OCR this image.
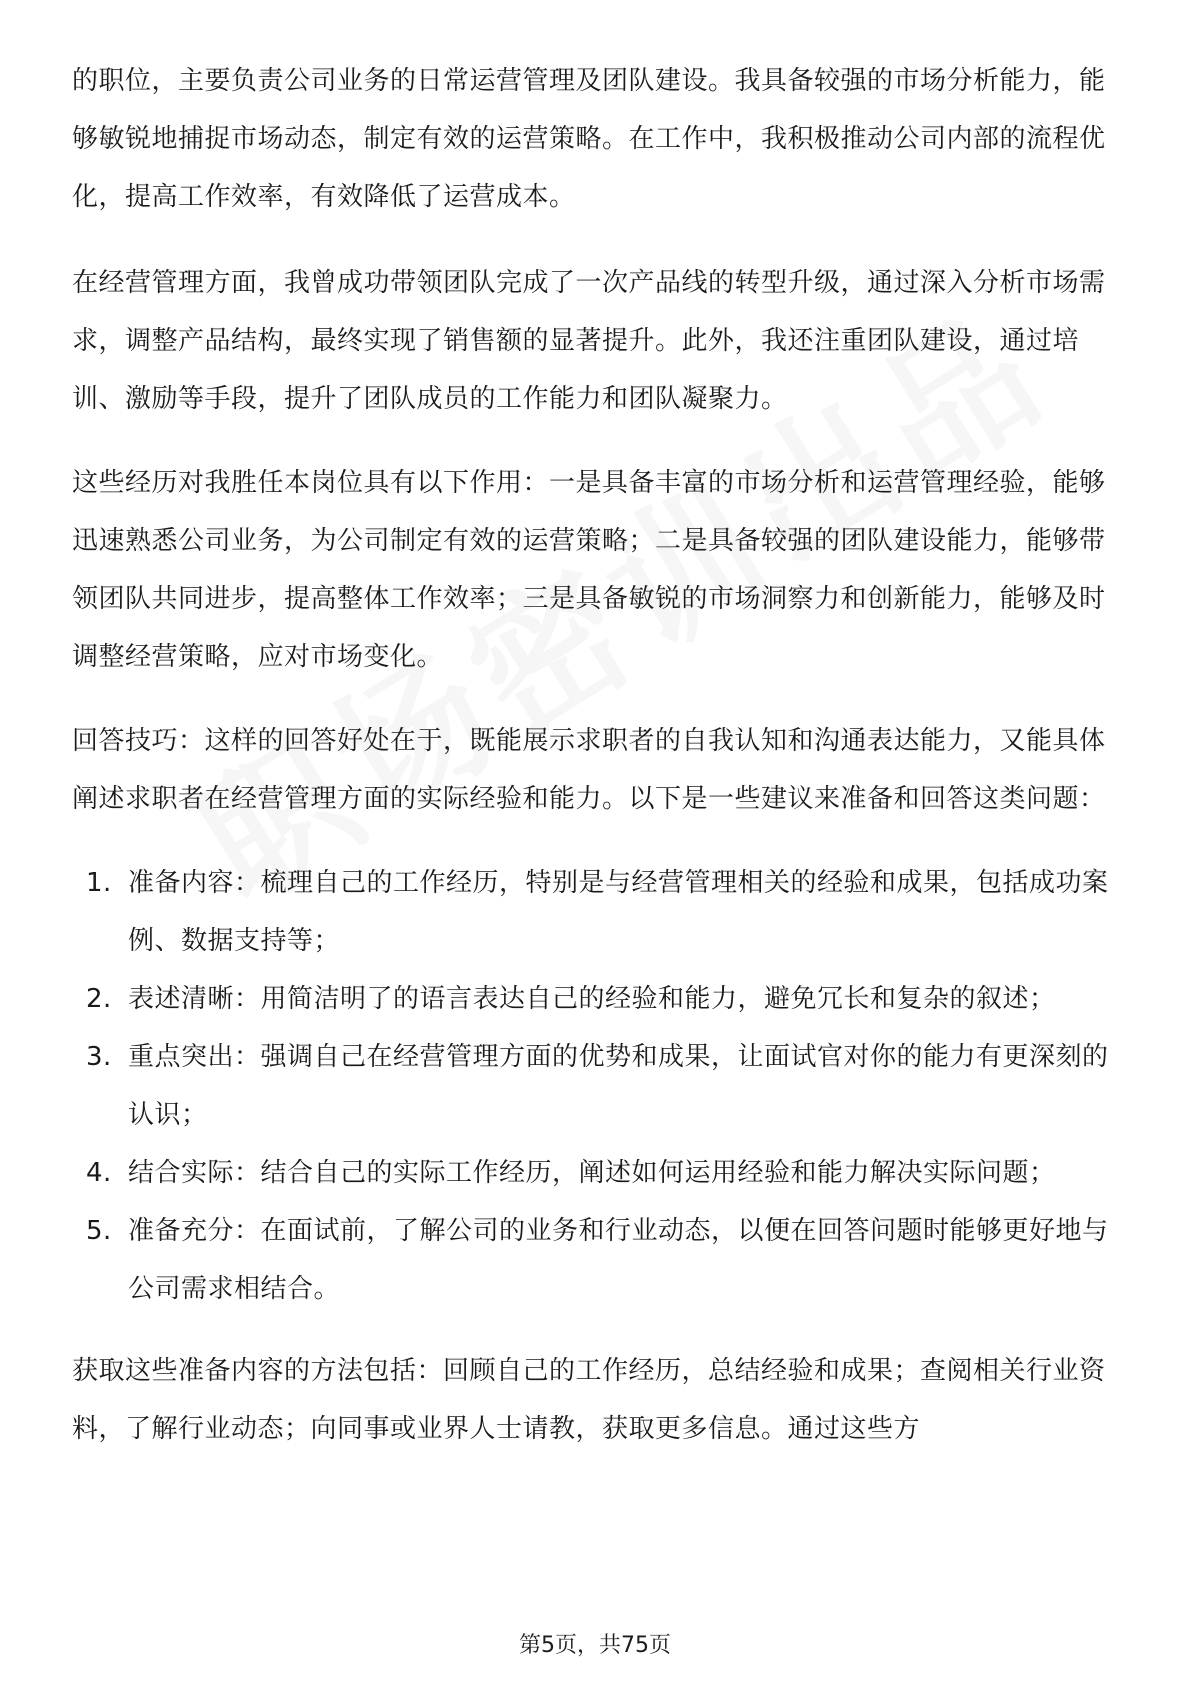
的职位，主要负责公司业务的日常运营管理及团队建设。我具备较强的市场分析能力，能够敏锐地捕捉市场动态，制定有效的运营策略。在工作中，我积极推动公司内部的流程优化，提高工作效率，有效降低了运营成本。

在经营管理方面，我曾成功带领团队完成了一次产品线的转型升级，通过深入分析市场需求，调整产品结构，最终实现了销售额的显著提升。此外，我还注重团队建设，通过培训、激励等手段，提升了团队成员的工作能力和团队凝聚力。

这些经历对我胜任本岗位具有以下作用：一是具备丰富的市场分析和运营管理经验，能够迅速熟悉公司业务，为公司制定有效的运营策略；二是具备较强的团队建设能力，能够带领团队共同进步，提高整体工作效率；三是具备敏锐的市场洞察力和创新能力，能够及时调整经营策略，应对市场变化。

回答技巧：这样的回答好处在于，既能展示求职者的自我认知和沟通表达能力，又能具体阐述求职者在经营管理方面的实际经验和能力。以下是一些建议来准备和回答这类问题：

1. 准备内容：梳理自己的工作经历，特别是与经营管理相关的经验和成果，包括成功案例、数据支持等；
2. 表述清晰：用简洁明了的语言表达自己的经验和能力，避免冗长和复杂的叙述；
3. 重点突出：强调自己在经营管理方面的优势和成果，让面试官对你的能力有更深刻的认识；
4. 结合实际：结合自己的实际工作经历，阐述如何运用经验和能力解决实际问题；
5. 准备充分：在面试前，了解公司的业务和行业动态，以便在回答问题时能够更好地与公司需求相结合。

获取这些准备内容的方法包括：回顾自己的工作经历，总结经验和成果；查阅相关行业资料，了解行业动态；向同事或业界人士请教，获取更多信息。通过这些方

第5页，共75页
